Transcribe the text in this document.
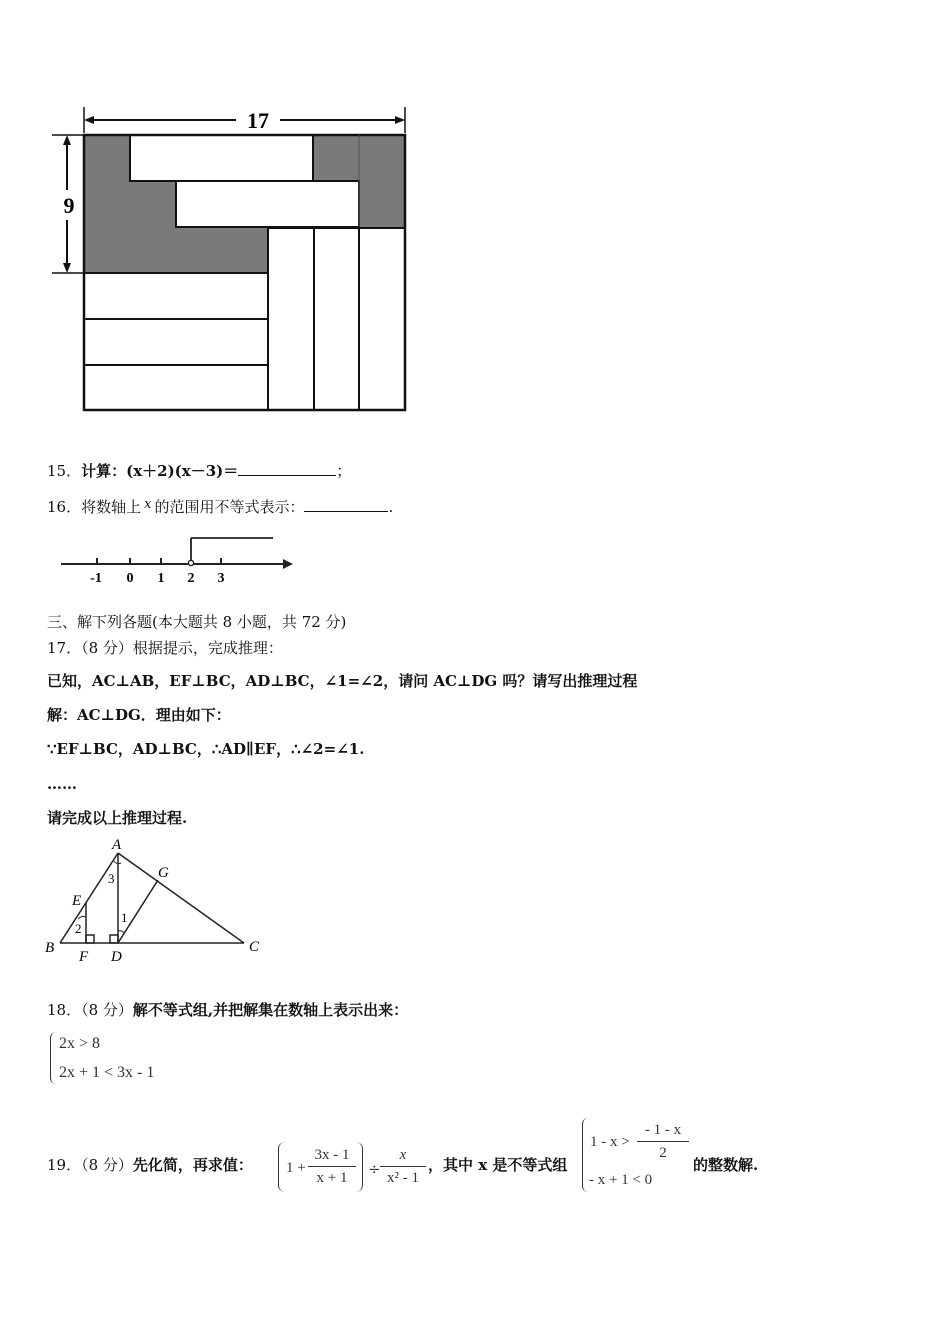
17
9
15．计算：(x＋2)(x－3)＝	；
16．将数轴上 x 的范围用不等式表示：	.
-1 0 1 2 3
三、解下列各题(本大题共 8 小题，共 72 分)
17．（8 分）根据提示，完成推理：
已知，AC⊥AB，EF⊥BC，AD⊥BC，∠1=∠2，请问 AC⊥DG 吗？请写出推理过程
解：AC⊥DG．理由如下：
∵EF⊥BC，AD⊥BC，∴AD∥EF，∴∠2=∠1.
……
请完成以上推理过程.
A
B	C
D
E
F
G
1
2
3
18．（8 分）解不等式组,并把解集在数轴上表示出来：
2x > 8
2x + 1 < 3x - 1
19．（8 分）先化简，再求值： 1 +
3x - 1
x + 1	÷
x
x² - 1
，其中 x 是不等式组
1 - x >
- 1 - x
2
- x + 1 < 0
的整数解.
